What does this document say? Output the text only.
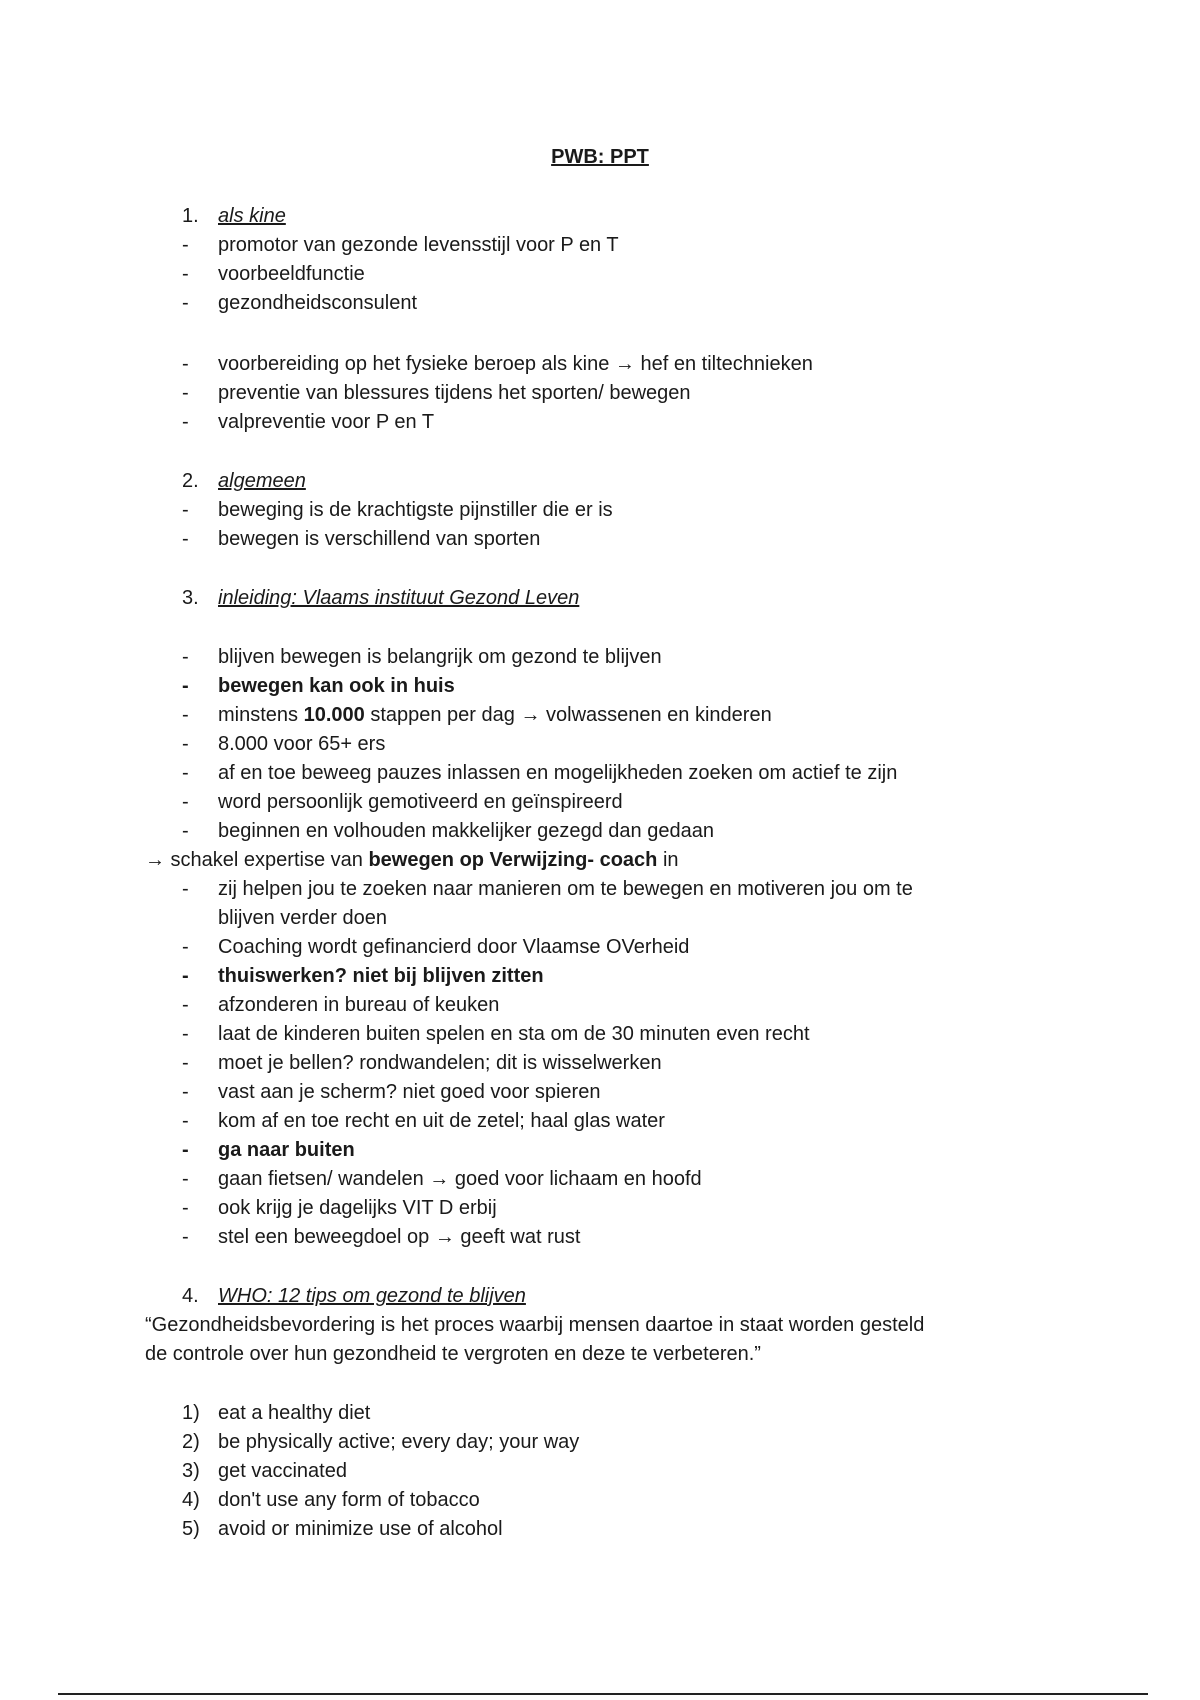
PWB: PPT
1. als kine
-	promotor van gezonde levensstijl voor P en T
-	voorbeeldfunctie
-	gezondheidsconsulent
-	voorbereiding op het fysieke beroep als kine → hef en tiltechnieken
-	preventie van blessures tijdens het sporten/ bewegen
-	valpreventie voor P en T
2. algemeen
-	beweging is de krachtigste pijnstiller die er is
-	bewegen is verschillend van sporten
3. inleiding: Vlaams instituut Gezond Leven
-	blijven bewegen is belangrijk om gezond te blijven
-	bewegen kan ook in huis
-	minstens 10.000 stappen per dag → volwassenen en kinderen
-	8.000 voor 65+ ers
-	af en toe beweeg pauzes inlassen en mogelijkheden zoeken om actief te zijn
-	word persoonlijk gemotiveerd en geïnspireerd
-	beginnen en volhouden makkelijker gezegd dan gedaan
→ schakel expertise van bewegen op Verwijzing- coach in
-	zij helpen jou te zoeken naar manieren om te bewegen en motiveren jou om te
blijven verder doen
-	Coaching wordt gefinancierd door Vlaamse OVerheid
-	thuiswerken? niet bij blijven zitten
-	afzonderen in bureau of keuken
-	laat de kinderen buiten spelen en sta om de 30 minuten even recht
-	moet je bellen? rondwandelen; dit is wisselwerken
-	vast aan je scherm? niet goed voor spieren
-	kom af en toe recht en uit de zetel; haal glas water
-	ga naar buiten
-	gaan fietsen/ wandelen → goed voor lichaam en hoofd
-	ook krijg je dagelijks VIT D erbij
-	stel een beweegdoel op → geeft wat rust
4. WHO: 12 tips om gezond te blijven
“Gezondheidsbevordering is het proces waarbij mensen daartoe in staat worden gesteld
de controle over hun gezondheid te vergroten en deze te verbeteren.”
1) eat a healthy diet
2) be physically active; every day; your way
3) get vaccinated
4) don't use any form of tobacco
5) avoid or minimize use of alcohol
